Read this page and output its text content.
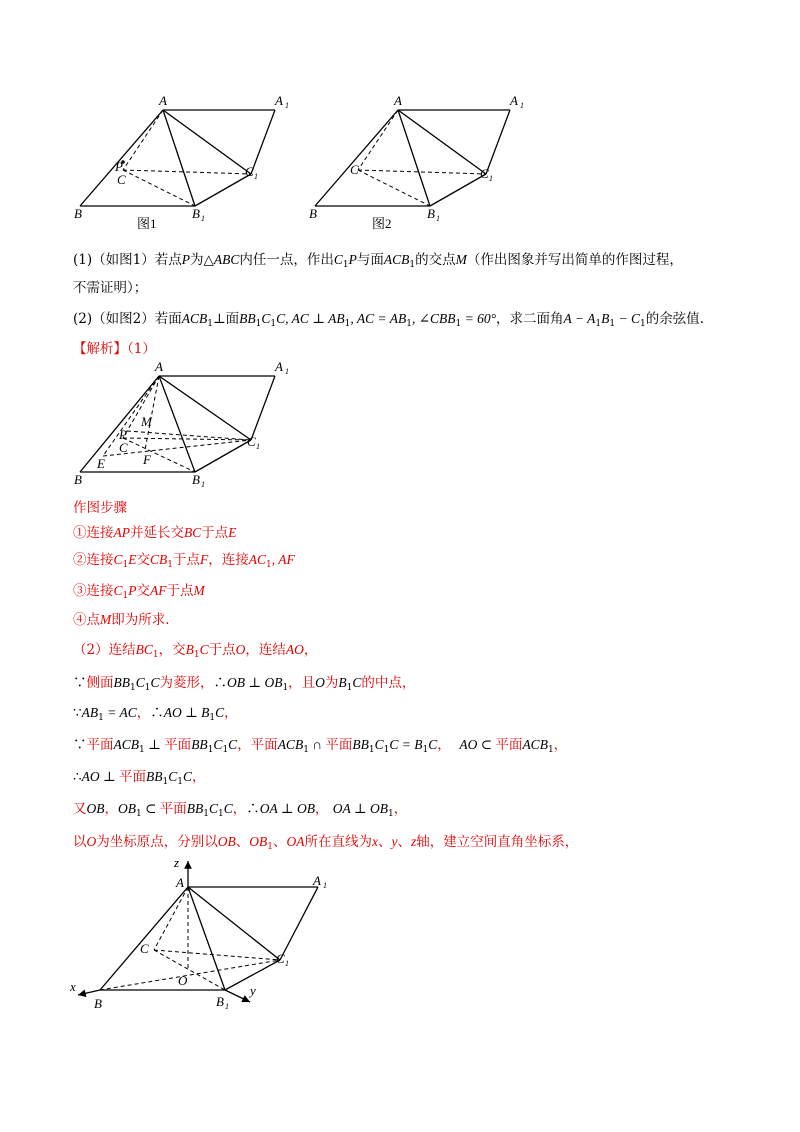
A	A 1
B	B 1
C
C 1
P
图1
A	A 1
B	B 1
C	C 1
图2
(1)（如图1）若点P为△ABC内任一点，作出$C_1P$与面$ACB_1$的交点M（作出图象并写出简单的作图过程，
不需证明）；
(2)（如图2）若面$ACB_1\perp$面$BB_1C_1C$, AC ⊥ $AB_1$, AC = $AB_1$, $\angle CBB_1 = 60^\circ$，求二面角$A - A_1B_1 - C_1$的余弦值.
【解析】（1）
A	A 1
B	B 1
C	C 1
P
M
E	F
作图步骤
①连接AP并延长交BC于点E
②连接$C_1E$交$CB_1$于点F，连接$AC_1$, AF
③连接$C_1P$交AF于点M
④点M即为所求.
（2）连结$BC_1$，交$B_1C$于点O，连结AO，
∵侧面$BB_1C_1C$为菱形，∴OB ⊥ $OB_1$，且O为$B_1C$的中点，
$\because AB_1$ = AC，∴AO ⊥ $B_1C$，
∵平面$ACB_1$ ⊥ 平面$BB_1C_1C$，平面$ACB_1$ ∩ 平面$BB_1C_1C = B_1C$， AO ⊂ 平面$ACB_1$，
∴AO ⊥ 平面$BB_1C_1C$，
又OB，$OB_1$ ⊂ 平面$BB_1C_1C$，∴OA ⊥ OB， OA ⊥ $OB_1$，
以O为坐标原点，分别以OB、$OB_1$、OA所在直线为x、y、z轴，建立空间直角坐标系，
z
A	A 1
x
B	B 1
y
C
C 1
O
